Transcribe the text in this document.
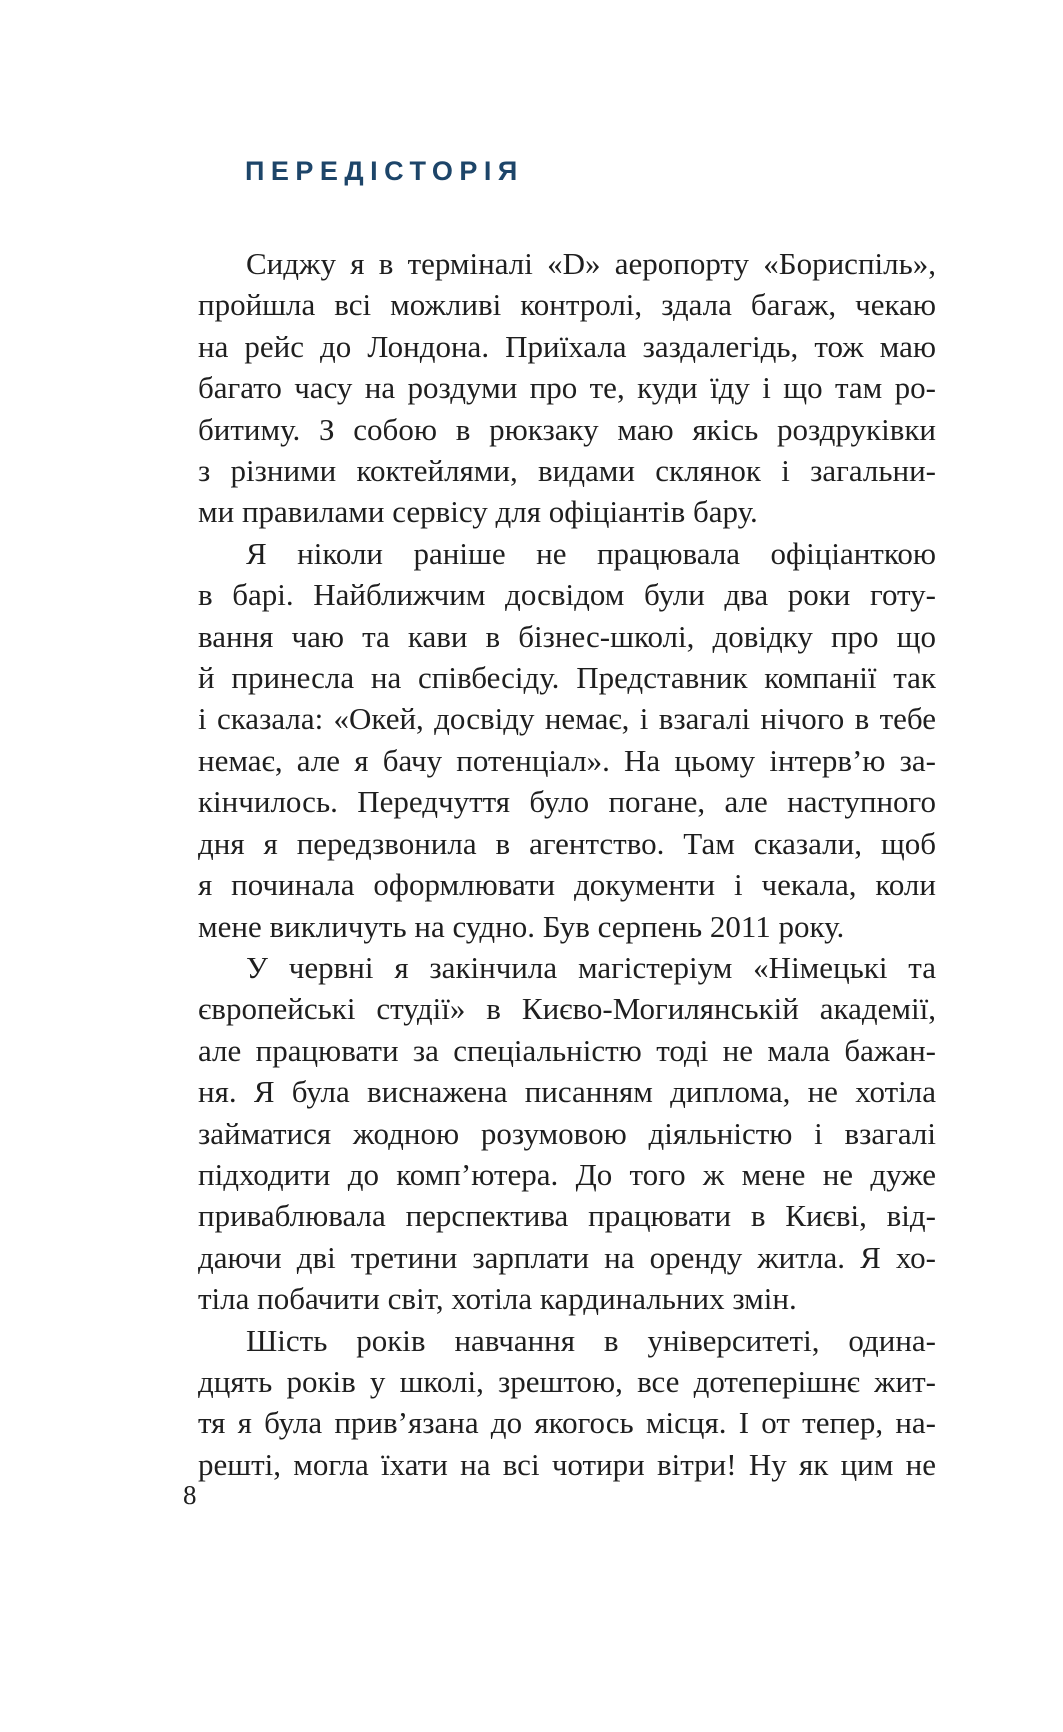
ПЕРЕДІСТОРІЯ
Сиджу я в терміналі «D» аеропорту «Бориспіль»,
пройшла всі можливі контролі, здала багаж, чекаю
на рейс до Лондона. Приїхала заздалегідь, тож маю
багато часу на роздуми про те, куди їду і що там ро-
битиму. З собою в рюкзаку маю якісь роздруківки
з різними коктейлями, видами склянок і загальни-
ми правилами сервісу для офіціантів бару.
Я ніколи раніше не працювала офіціанткою
в барі. Найближчим досвідом були два роки готу-
вання чаю та кави в бізнес-школі, довідку про що
й принесла на співбесіду. Представник компанії так
і сказала: «Окей, досвіду немає, і взагалі нічого в тебе
немає, але я бачу потенціал». На цьому інтерв’ю за-
кінчилось. Передчуття було погане, але наступного
дня я передзвонила в агентство. Там сказали, щоб
я починала оформлювати документи і чекала, коли
мене викличуть на судно. Був серпень 2011 року.
У червні я закінчила магістеріум «Німецькі та
європейські студії» в Києво-Могилянській академії,
але працювати за спеціальністю тоді не мала бажан-
ня. Я була виснажена писанням диплома, не хотіла
займатися жодною розумовою діяльністю і взагалі
підходити до комп’ютера. До того ж мене не дуже
приваблювала перспектива працювати в Києві, від-
даючи дві третини зарплати на оренду житла. Я хо-
тіла побачити світ, хотіла кардинальних змін.
Шість років навчання в університеті, одина-
дцять років у школі, зрештою, все дотеперішнє жит-
тя я була прив’язана до якогось місця. І от тепер, на-
решті, могла їхати на всі чотири вітри! Ну як цим не
8
